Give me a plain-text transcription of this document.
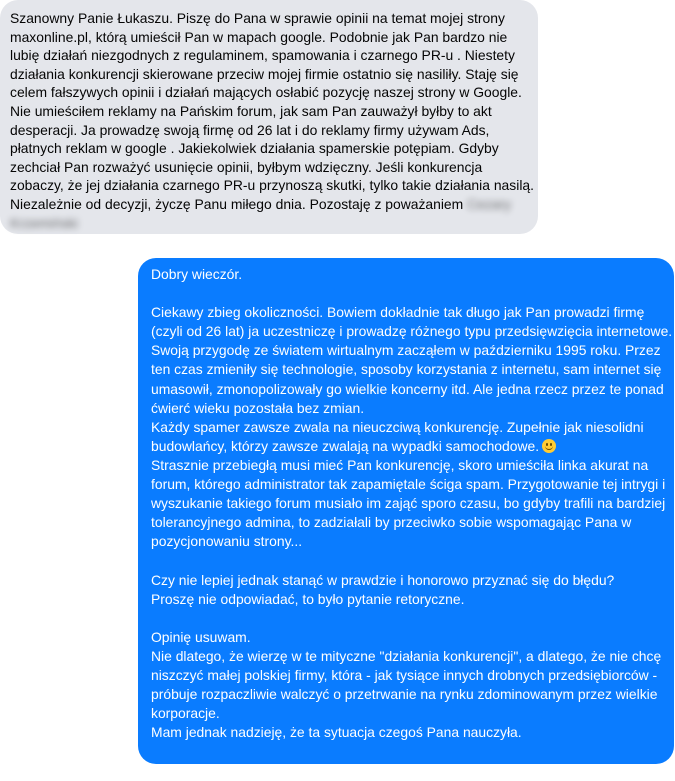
Szanowny Panie Łukaszu. Piszę do Pana w sprawie opinii na temat mojej strony
maxonline.pl, którą umieścił Pan w mapach google. Podobnie jak Pan bardzo nie
lubię działań niezgodnych z regulaminem, spamowania i czarnego PR-u . Niestety
działania konkurencji skierowane przeciw mojej firmie ostatnio się nasiliły. Staję się
celem fałszywych opinii i działań mających osłabić pozycję naszej strony w Google.
Nie umieściłem reklamy na Pańskim forum, jak sam Pan zauważył byłby to akt
desperacji. Ja prowadzę swoją firmę od 26 lat i do reklamy firmy używam Ads,
płatnych reklam w google . Jakiekolwiek działania spamerskie potępiam. Gdyby
zechciał Pan rozważyć usunięcie opinii, byłbym wdzięczny. Jeśli konkurencja
zobaczy, że jej działania czarnego PR-u przynoszą skutki, tylko takie działania nasilą.
Niezależnie od decyzji, życzę Panu miłego dnia. Pozostaję z poważaniem Cezary
Krzemiński
Dobry wieczór.
Ciekawy zbieg okoliczności. Bowiem dokładnie tak długo jak Pan prowadzi firmę
(czyli od 26 lat) ja uczestniczę i prowadzę różnego typu przedsięwzięcia internetowe.
Swoją przygodę ze światem wirtualnym zacząłem w październiku 1995 roku. Przez
ten czas zmieniły się technologie, sposoby korzystania z internetu, sam internet się
umasowił, zmonopolizowały go wielkie koncerny itd. Ale jedna rzecz przez te ponad
ćwierć wieku pozostała bez zmian.
Każdy spamer zawsze zwala na nieuczciwą konkurencję. Zupełnie jak niesolidni
budowlańcy, którzy zawsze zwalają na wypadki samochodowe.
Strasznie przebiegłą musi mieć Pan konkurencję, skoro umieściła linka akurat na
forum, którego administrator tak zapamiętale ściga spam. Przygotowanie tej intrygi i
wyszukanie takiego forum musiało im zająć sporo czasu, bo gdyby trafili na bardziej
tolerancyjnego admina, to zadziałali by przeciwko sobie wspomagając Pana w
pozycjonowaniu strony...
Czy nie lepiej jednak stanąć w prawdzie i honorowo przyznać się do błędu?
Proszę nie odpowiadać, to było pytanie retoryczne.
Opinię usuwam.
Nie dlatego, że wierzę w te mityczne "działania konkurencji", a dlatego, że nie chcę
niszczyć małej polskiej firmy, która - jak tysiące innych drobnych przedsiębiorców -
próbuje rozpaczliwie walczyć o przetrwanie na rynku zdominowanym przez wielkie
korporacje.
Mam jednak nadzieję, że ta sytuacja czegoś Pana nauczyła.
Również pozostaję z poważaniem i życzę dobrej nocy, Łukasz Aranowski
